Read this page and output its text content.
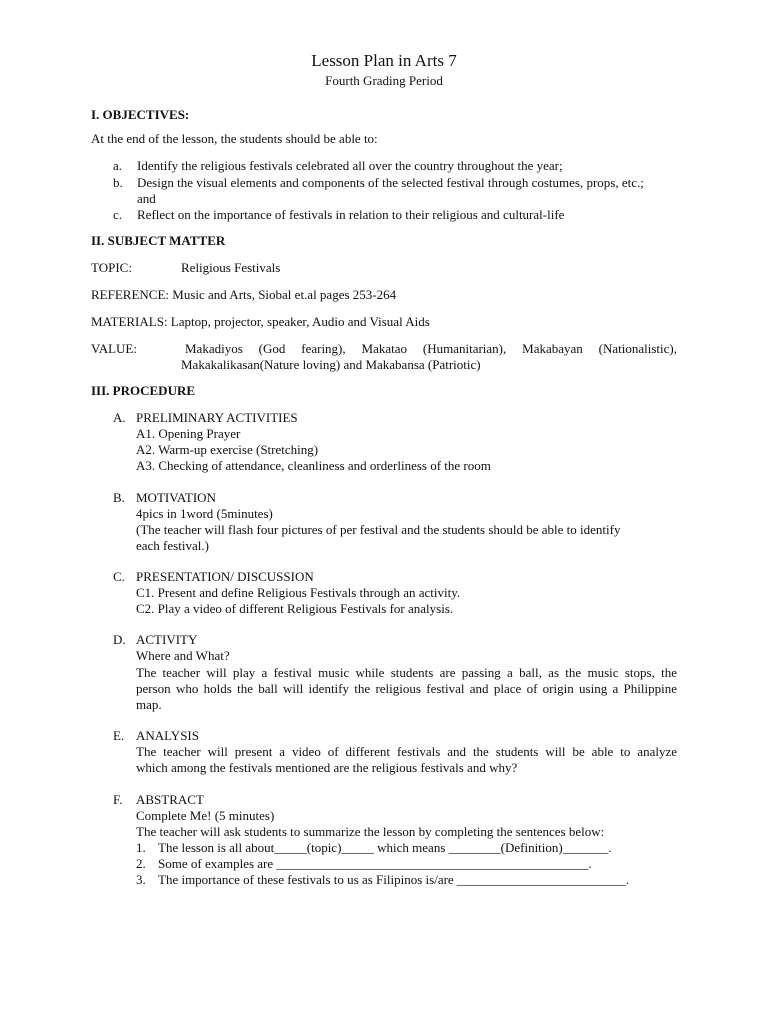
Lesson Plan in Arts 7
Fourth Grading Period
I. OBJECTIVES:
At the end of the lesson, the students should be able to:
a. Identify the religious festivals celebrated all over the country throughout the year;
b. Design the visual elements and components of the selected festival through costumes, props, etc.;
and
c. Reflect on the importance of festivals in relation to their religious and cultural-life
II. SUBJECT MATTER
TOPIC:	Religious Festivals
REFERENCE: Music and Arts, Siobal et.al pages 253-264
MATERIALS: Laptop, projector, speaker, Audio and Visual Aids
VALUE:	Makadiyos (God fearing), Makatao (Humanitarian), Makabayan (Nationalistic),
Makakalikasan(Nature loving) and Makabansa (Patriotic)
III. PROCEDURE
A. PRELIMINARY ACTIVITIES
A1. Opening Prayer
A2. Warm-up exercise (Stretching)
A3. Checking of attendance, cleanliness and orderliness of the room
B. MOTIVATION
4pics in 1word (5minutes)
(The teacher will flash four pictures of per festival and the students should be able to identify
each festival.)
C. PRESENTATION/ DISCUSSION
C1. Present and define Religious Festivals through an activity.
C2. Play a video of different Religious Festivals for analysis.
D. ACTIVITY
Where and What?
The teacher will play a festival music while students are passing a ball, as the music stops, the
person who holds the ball will identify the religious festival and place of origin using a Philippine
map.
E. ANALYSIS
The teacher will present a video of different festivals and the students will be able to analyze
which among the festivals mentioned are the religious festivals and why?
F. ABSTRACT
Complete Me! (5 minutes)
The teacher will ask students to summarize the lesson by completing the sentences below:
1. The lesson is all about_____(topic)_____ which means ________(Definition)_______.
2. Some of examples are ________________________________________________.
3. The importance of these festivals to us as Filipinos is/are __________________________.
